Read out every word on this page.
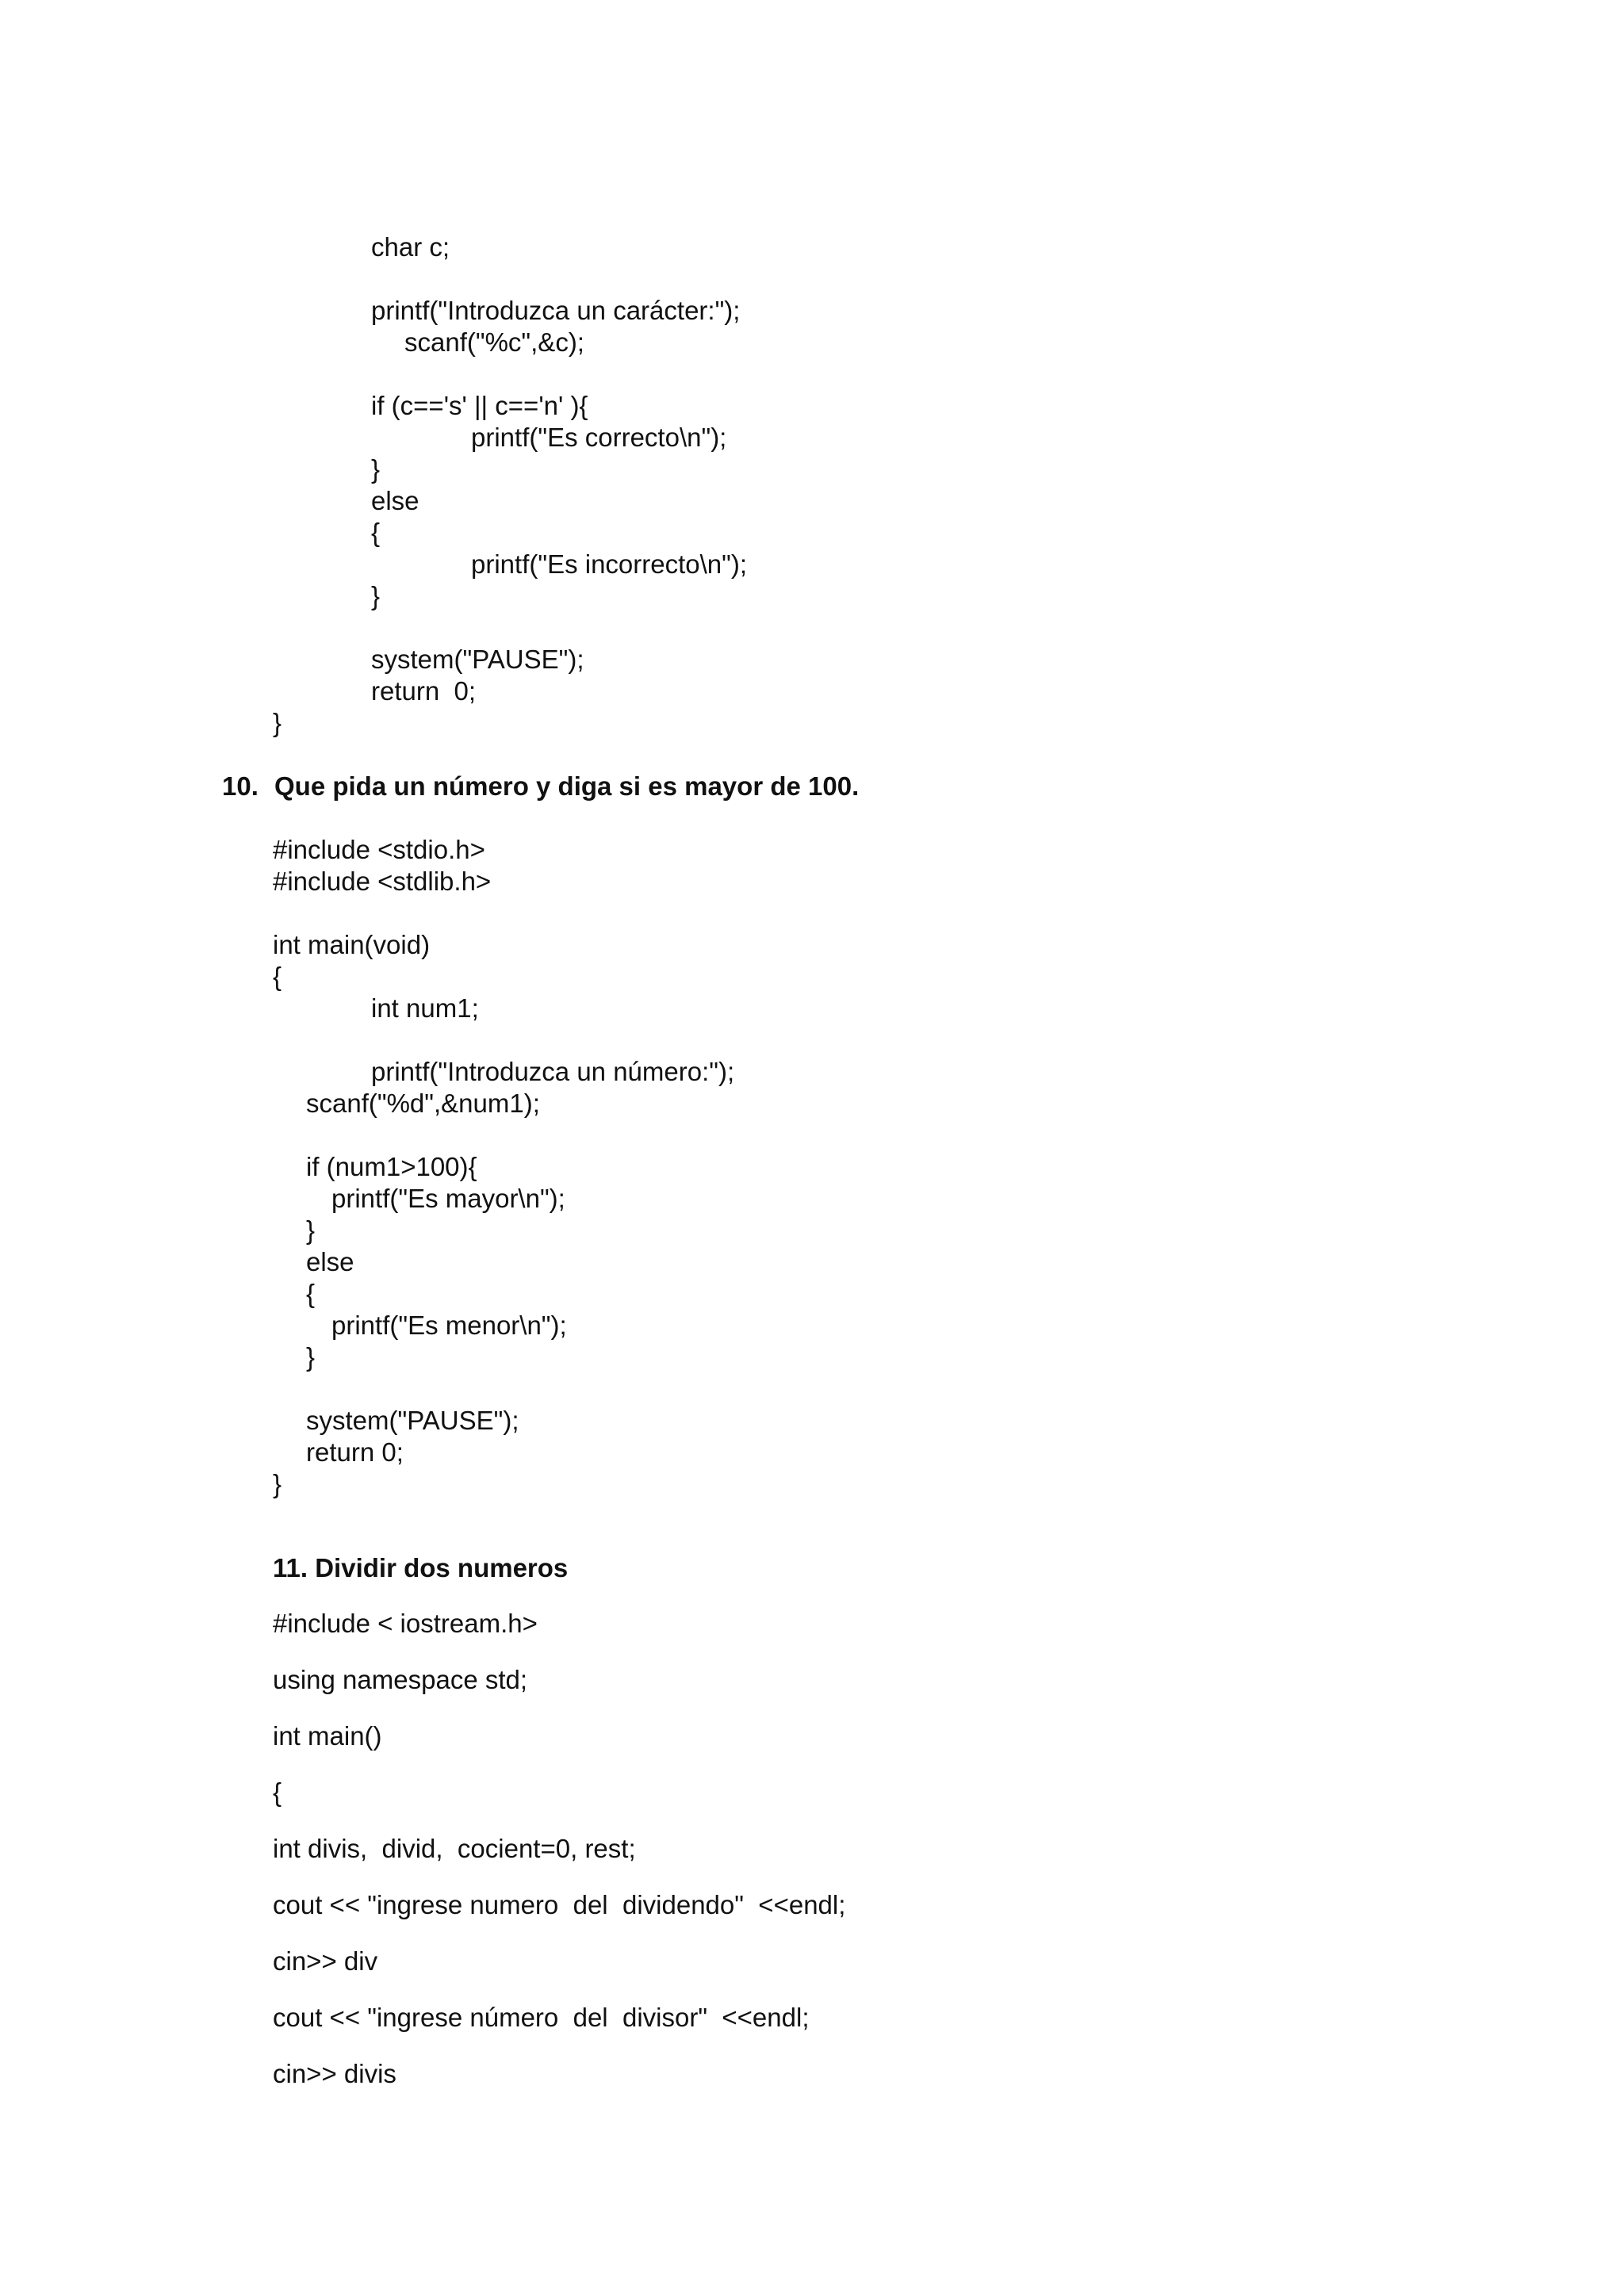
char c;

printf("Introduzca un carácter:");

scanf("%c",&c);

if (c=='s' || c=='n' ){

printf("Es correcto\n");

}

else

{

printf("Es incorrecto\n");

}

system("PAUSE");

return  0;

}

10. Que pida un número y diga si es mayor de 100.

#include <stdio.h>

#include <stdlib.h>

int main(void)

{

int num1;

printf("Introduzca un número:");

scanf("%d",&num1);

if (num1>100){

printf("Es mayor\n");

}

else

{

printf("Es menor\n");

}

system("PAUSE");

return 0;

}

11. Dividir dos numeros

#include < iostream.h>

using namespace std;

int main()

{

int divis,  divid,  cocient=0, rest;

cout << "ingrese numero  del  dividendo"  <<endl;

cin>> div

cout << "ingrese número  del  divisor"  <<endl;

cin>> divis
